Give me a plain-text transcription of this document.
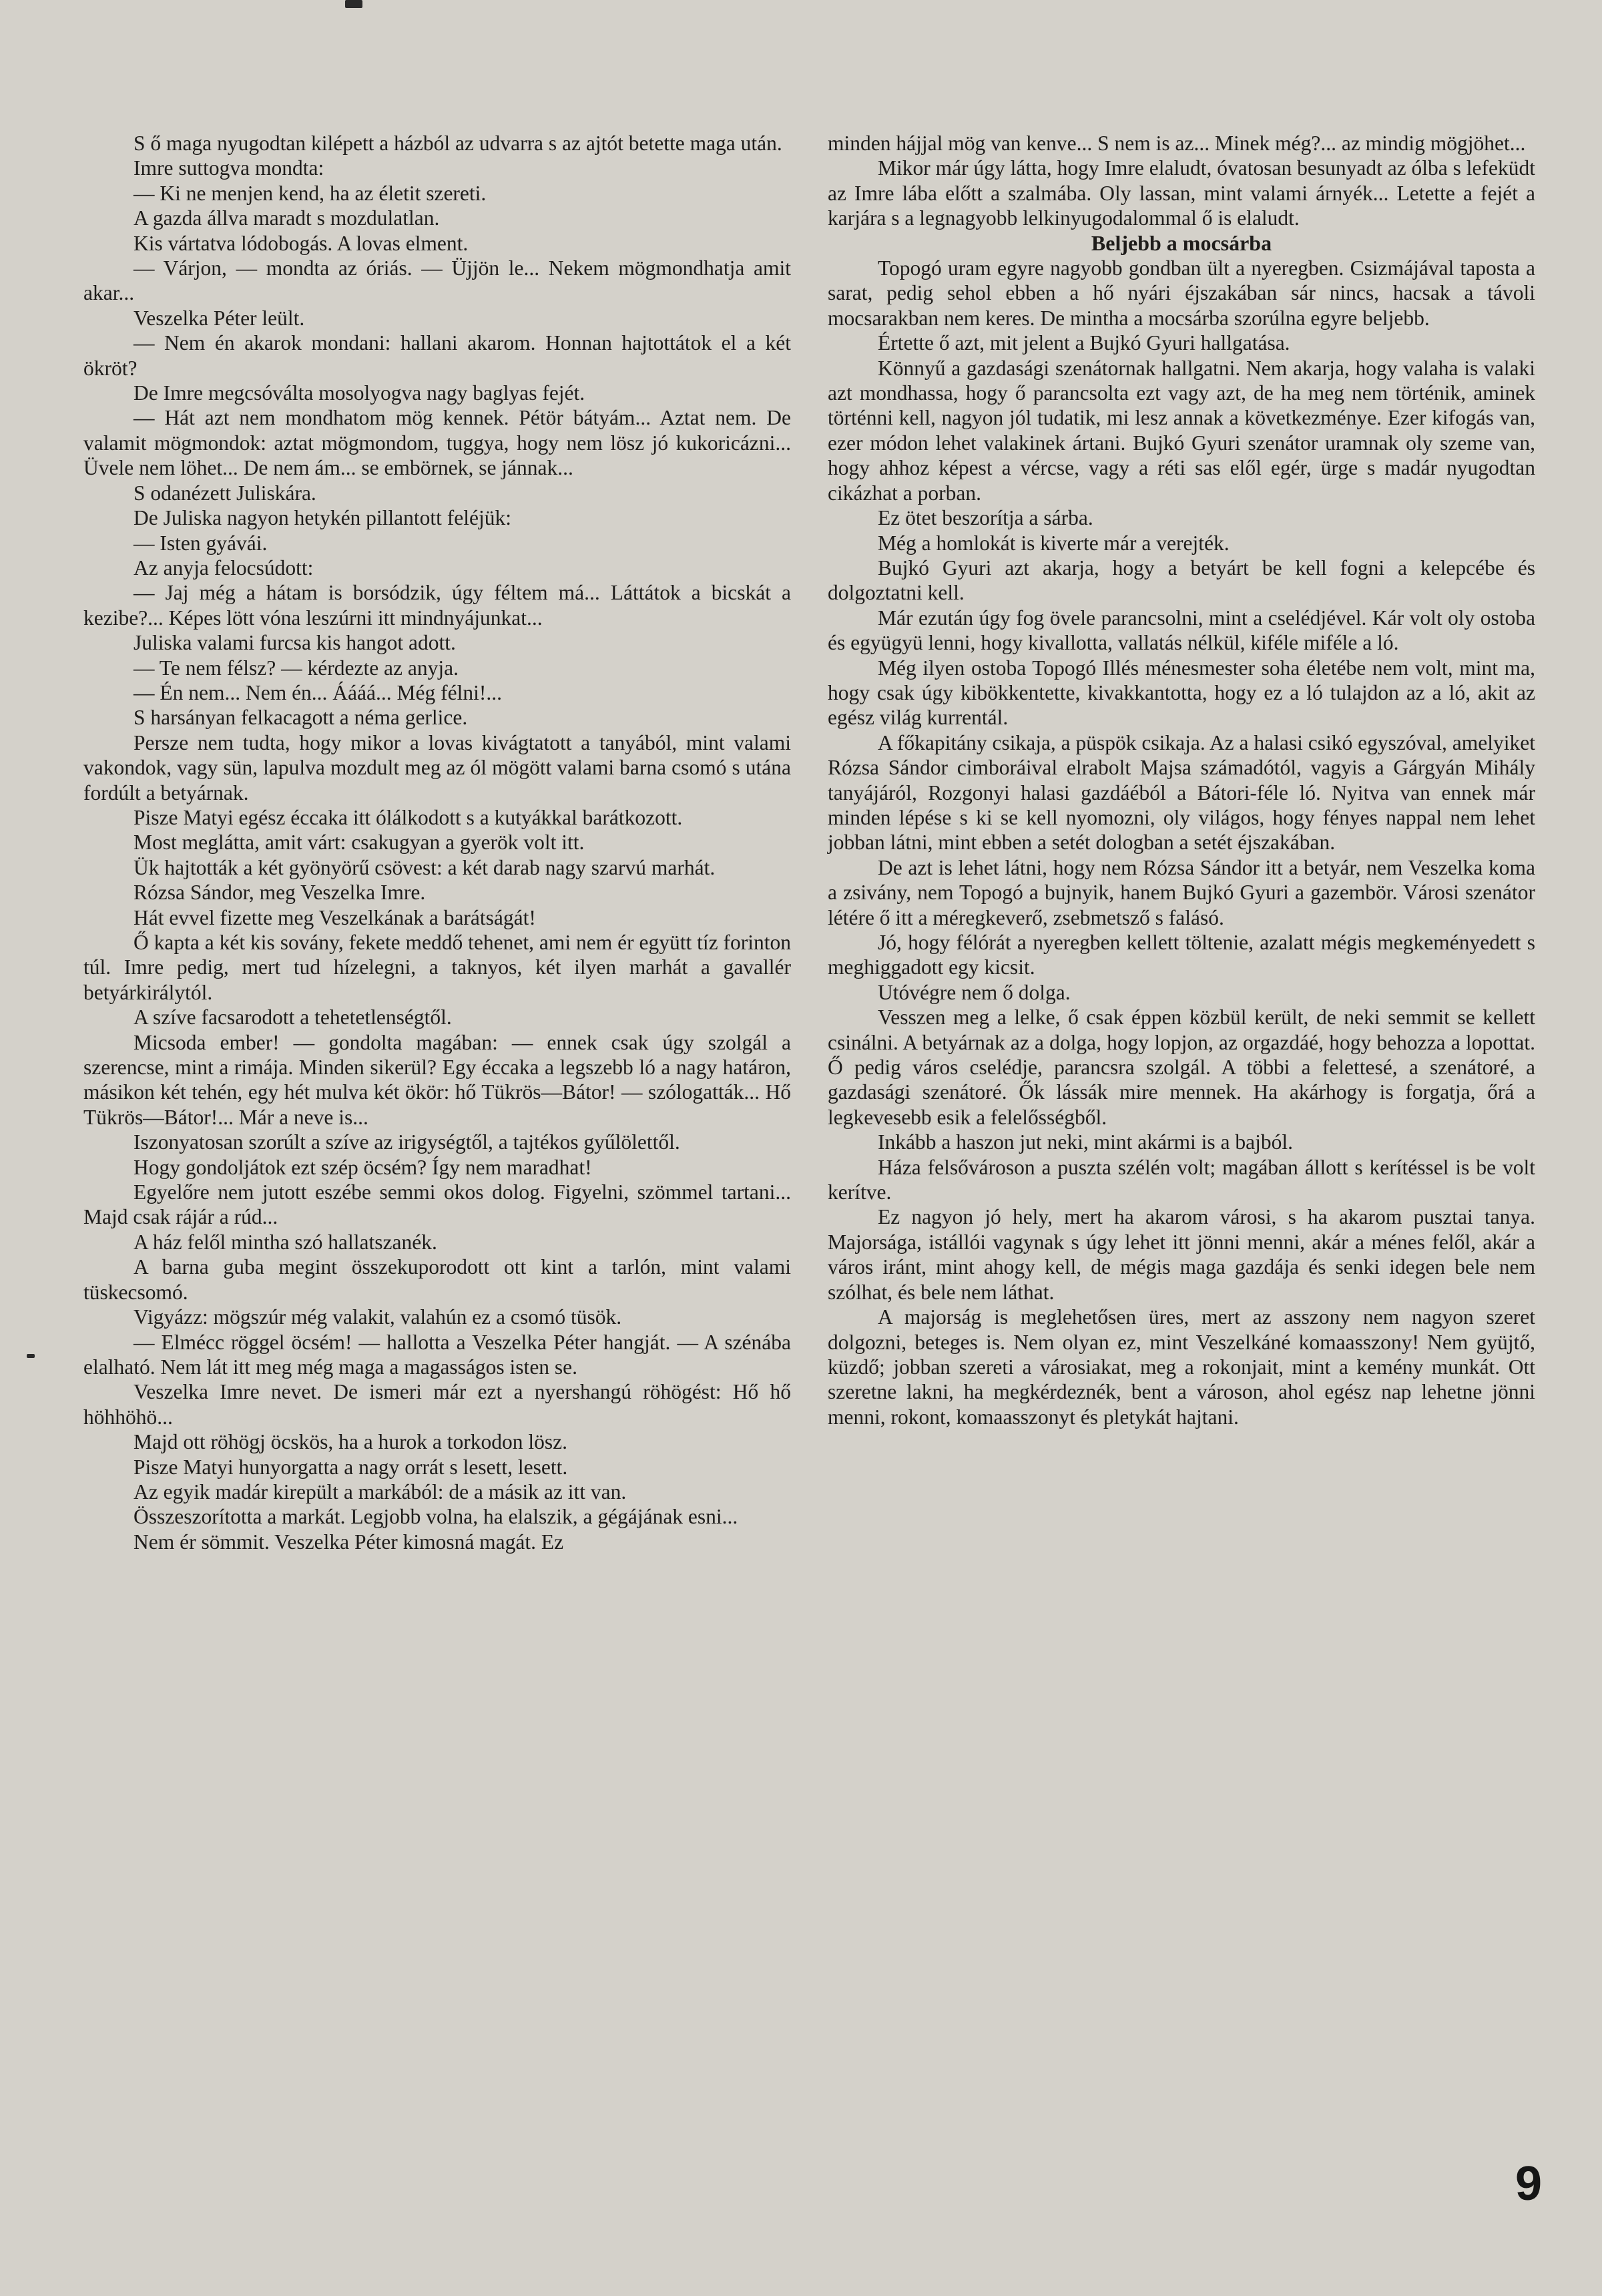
S ő maga nyugodtan kilépett a házból az udvarra s az ajtót betette maga után.

Imre suttogva mondta:

— Ki ne menjen kend, ha az életit szereti.

A gazda állva maradt s mozdulatlan.

Kis vártatva lódobogás. A lovas elment.

— Várjon, — mondta az óriás. — Üjjön le... Nekem mögmondhatja amit akar...

Veszelka Péter leült.

— Nem én akarok mondani: hallani akarom. Honnan hajtottátok el a két ökröt?

De Imre megcsóválta mosolyogva nagy baglyas fejét.

— Hát azt nem mondhatom mög kennek. Pétör bátyám... Aztat nem. De valamit mögmondok: aztat mögmondom, tuggya, hogy nem lösz jó kukoricázni... Üvele nem löhet... De nem ám... se embörnek, se jánnak...

S odanézett Juliskára.

De Juliska nagyon hetykén pillantott feléjük:

— Isten gyávái.

Az anyja felocsúdott:

— Jaj még a hátam is borsódzik, úgy féltem má... Láttátok a bicskát a kezibe?... Képes lött vóna leszúrni itt mindnyájunkat...

Juliska valami furcsa kis hangot adott.

— Te nem félsz? — kérdezte az anyja.

— Én nem... Nem én... Áááá... Még félni!...

S harsányan felkacagott a néma gerlice.

Persze nem tudta, hogy mikor a lovas kivágtatott a tanyából, mint valami vakondok, vagy sün, lapulva mozdult meg az ól mögött valami barna csomó s utána fordúlt a betyárnak.

Pisze Matyi egész éccaka itt ólálkodott s a kutyákkal barátkozott.

Most meglátta, amit várt: csakugyan a gyerök volt itt.

Ük hajtották a két gyönyörű csövest: a két darab nagy szarvú marhát.

Rózsa Sándor, meg Veszelka Imre.

Hát evvel fizette meg Veszelkának a barátságát!

Ő kapta a két kis sovány, fekete meddő tehenet, ami nem ér együtt tíz forinton túl. Imre pedig, mert tud hízelegni, a taknyos, két ilyen marhát a gavallér betyárkirálytól.

A szíve facsarodott a tehetetlenségtől.

Micsoda ember! — gondolta magában: — ennek csak úgy szolgál a szerencse, mint a rimája. Minden sikerül? Egy éccaka a legszebb ló a nagy határon, másikon két tehén, egy hét mulva két ökör: hő Tükrös—Bátor! — szólogatták... Hő Tükrös—Bátor!... Már a neve is...

Iszonyatosan szorúlt a szíve az irigységtől, a tajtékos gyűlölettől.

Hogy gondoljátok ezt szép öcsém? Így nem maradhat!

Egyelőre nem jutott eszébe semmi okos dolog. Figyelni, szömmel tartani... Majd csak rájár a rúd...

A ház felől mintha szó hallatszanék.

A barna guba megint összekuporodott ott kint a tarlón, mint valami tüskecsomó.

Vigyázz: mögszúr még valakit, valahún ez a csomó tüsök.

— Elmécc röggel öcsém! — hallotta a Veszelka Péter hangját. — A szénába elalható. Nem lát itt meg még maga a magasságos isten se.

Veszelka Imre nevet. De ismeri már ezt a nyershangú röhögést: Hő hő höhhöhö...

Majd ott röhögj öcskös, ha a hurok a torkodon lösz.

Pisze Matyi hunyorgatta a nagy orrát s lesett, lesett.

Az egyik madár kirepült a markából: de a másik az itt van.

Összeszorította a markát. Legjobb volna, ha elalszik, a gégájának esni...

Nem ér sömmit. Veszelka Péter kimosná magát. Ez

minden hájjal mög van kenve... S nem is az... Minek még?... az mindig mögjöhet...

Mikor már úgy látta, hogy Imre elaludt, óvatosan besunyadt az ólba s lefeküdt az Imre lába előtt a szalmába. Oly lassan, mint valami árnyék... Letette a fejét a karjára s a legnagyobb lelkinyugodalommal ő is elaludt.

Beljebb a mocsárba

Topogó uram egyre nagyobb gondban ült a nyeregben. Csizmájával taposta a sarat, pedig sehol ebben a hő nyári éjszakában sár nincs, hacsak a távoli mocsarakban nem keres. De mintha a mocsárba szorúlna egyre beljebb.

Értette ő azt, mit jelent a Bujkó Gyuri hallgatása.

Könnyű a gazdasági szenátornak hallgatni. Nem akarja, hogy valaha is valaki azt mondhassa, hogy ő parancsolta ezt vagy azt, de ha meg nem történik, aminek történni kell, nagyon jól tudatik, mi lesz annak a következménye. Ezer kifogás van, ezer módon lehet valakinek ártani. Bujkó Gyuri szenátor uramnak oly szeme van, hogy ahhoz képest a vércse, vagy a réti sas elől egér, ürge s madár nyugodtan cikázhat a porban.

Ez ötet beszorítja a sárba.

Még a homlokát is kiverte már a verejték.

Bujkó Gyuri azt akarja, hogy a betyárt be kell fogni a kelepcébe és dolgoztatni kell.

Már ezután úgy fog övele parancsolni, mint a cselédjével. Kár volt oly ostoba és együgyü lenni, hogy kivallotta, vallatás nélkül, kiféle miféle a ló.

Még ilyen ostoba Topogó Illés ménesmester soha életébe nem volt, mint ma, hogy csak úgy kibökkentette, kivakkantotta, hogy ez a ló tulajdon az a ló, akit az egész világ kurrentál.

A főkapitány csikaja, a püspök csikaja. Az a halasi csikó egyszóval, amelyiket Rózsa Sándor cimboráival elrabolt Majsa számadótól, vagyis a Gárgyán Mihály tanyájáról, Rozgonyi halasi gazdáéból a Bátori-féle ló. Nyitva van ennek már minden lépése s ki se kell nyomozni, oly világos, hogy fényes nappal nem lehet jobban látni, mint ebben a setét dologban a setét éjszakában.

De azt is lehet látni, hogy nem Rózsa Sándor itt a betyár, nem Veszelka koma a zsivány, nem Topogó a bujnyik, hanem Bujkó Gyuri a gazembör. Városi szenátor létére ő itt a méregkeverő, zsebmetsző s falásó.

Jó, hogy félórát a nyeregben kellett töltenie, azalatt mégis megkeményedett s meghiggadott egy kicsit.

Utóvégre nem ő dolga.

Vesszen meg a lelke, ő csak éppen közbül került, de neki semmit se kellett csinálni. A betyárnak az a dolga, hogy lopjon, az orgazdáé, hogy behozza a lopottat. Ő pedig város cselédje, parancsra szolgál. A többi a felettesé, a szenátoré, a gazdasági szenátoré. Ők lássák mire mennek. Ha akárhogy is forgatja, őrá a legkevesebb esik a felelősségből.

Inkább a haszon jut neki, mint akármi is a bajból.

Háza felsővároson a puszta szélén volt; magában állott s kerítéssel is be volt kerítve.

Ez nagyon jó hely, mert ha akarom városi, s ha akarom pusztai tanya. Majorsága, istállói vagynak s úgy lehet itt jönni menni, akár a ménes felől, akár a város iránt, mint ahogy kell, de mégis maga gazdája és senki idegen bele nem szólhat, és bele nem láthat.

A majorság is meglehetősen üres, mert az asszony nem nagyon szeret dolgozni, beteges is. Nem olyan ez, mint Veszelkáné komaasszony! Nem gyüjtő, küzdő; jobban szereti a városiakat, meg a rokonjait, mint a kemény munkát. Ott szeretne lakni, ha megkérdeznék, bent a városon, ahol egész nap lehetne jönni menni, rokont, komaasszonyt és pletykát hajtani.

9
